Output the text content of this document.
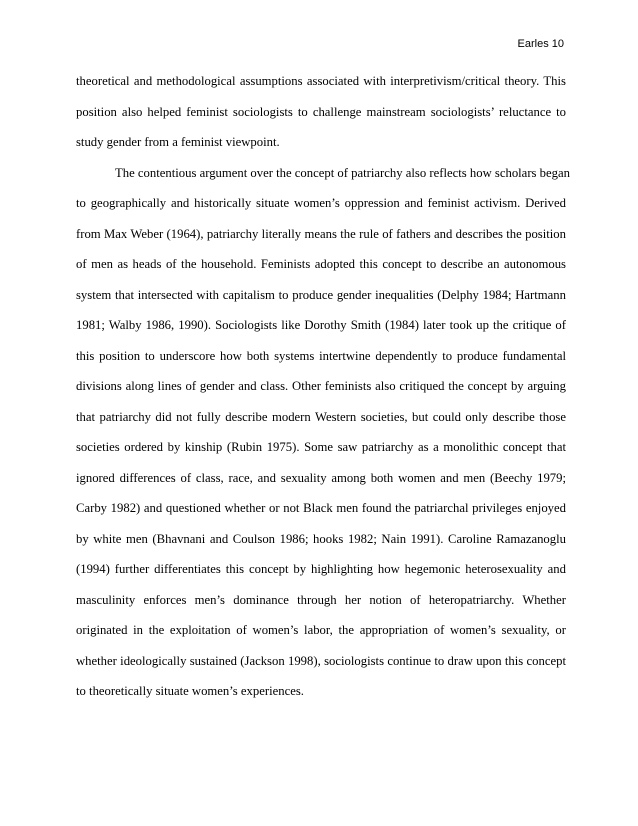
Earles 10
theoretical and methodological assumptions associated with interpretivism/critical theory. This
position also helped feminist sociologists to challenge mainstream sociologists’ reluctance to
study gender from a feminist viewpoint.
The contentious argument over the concept of patriarchy also reflects how scholars began
to geographically and historically situate women’s oppression and feminist activism. Derived
from Max Weber (1964), patriarchy literally means the rule of fathers and describes the position
of men as heads of the household. Feminists adopted this concept to describe an autonomous
system that intersected with capitalism to produce gender inequalities (Delphy 1984; Hartmann
1981; Walby 1986, 1990). Sociologists like Dorothy Smith (1984) later took up the critique of
this position to underscore how both systems intertwine dependently to produce fundamental
divisions along lines of gender and class. Other feminists also critiqued the concept by arguing
that patriarchy did not fully describe modern Western societies, but could only describe those
societies ordered by kinship (Rubin 1975). Some saw patriarchy as a monolithic concept that
ignored differences of class, race, and sexuality among both women and men (Beechy 1979;
Carby 1982) and questioned whether or not Black men found the patriarchal privileges enjoyed
by white men (Bhavnani and Coulson 1986; hooks 1982; Nain 1991). Caroline Ramazanoglu
(1994) further differentiates this concept by highlighting how hegemonic heterosexuality and
masculinity enforces men’s dominance through her notion of heteropatriarchy. Whether
originated in the exploitation of women’s labor, the appropriation of women’s sexuality, or
whether ideologically sustained (Jackson 1998), sociologists continue to draw upon this concept
to theoretically situate women’s experiences.
